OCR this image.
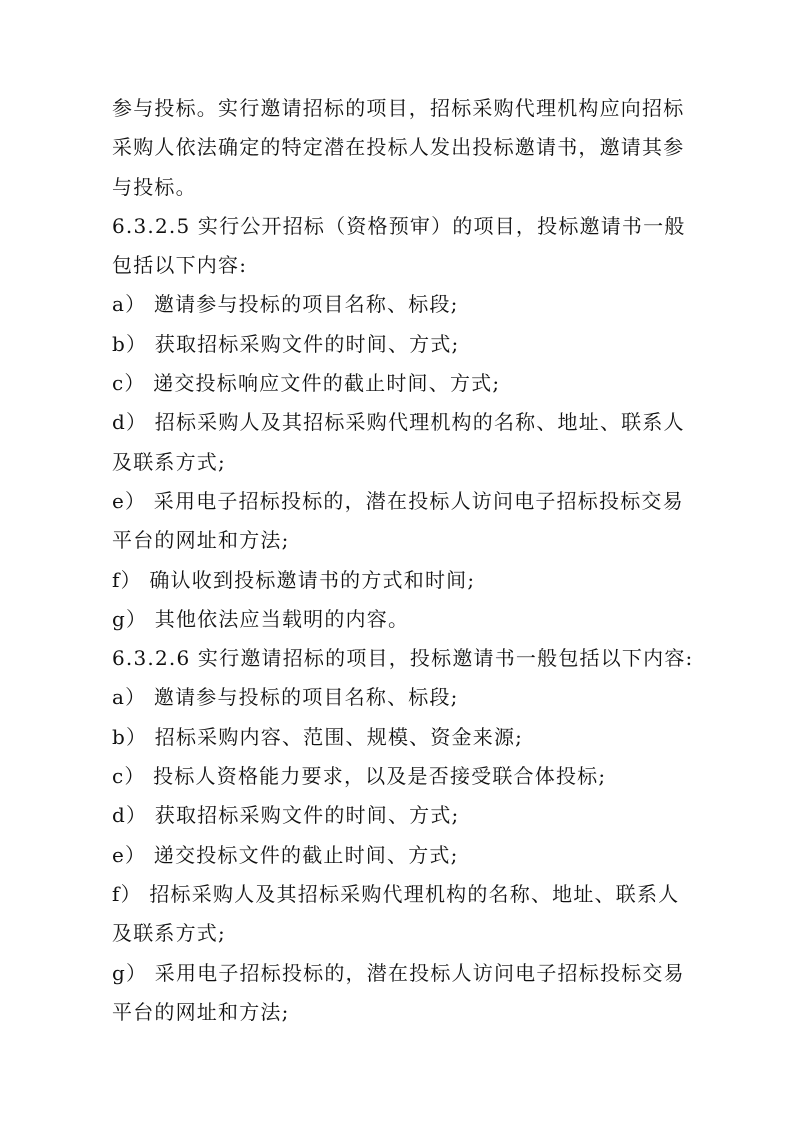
参与投标。实行邀请招标的项目，招标采购代理机构应向招标
采购人依法确定的特定潜在投标人发出投标邀请书，邀请其参
与投标。
6.3.2.5 实行公开招标（资格预审）的项目，投标邀请书一般
包括以下内容:
a） 邀请参与投标的项目名称、标段;
b） 获取招标采购文件的时间、方式;
c） 递交投标响应文件的截止时间、方式;
d） 招标采购人及其招标采购代理机构的名称、地址、联系人
及联系方式;
e） 采用电子招标投标的，潜在投标人访问电子招标投标交易
平台的网址和方法;
f） 确认收到投标邀请书的方式和时间;
g） 其他依法应当载明的内容。
6.3.2.6 实行邀请招标的项目，投标邀请书一般包括以下内容:
a） 邀请参与投标的项目名称、标段;
b） 招标采购内容、范围、规模、资金来源;
c） 投标人资格能力要求，以及是否接受联合体投标;
d） 获取招标采购文件的时间、方式;
e） 递交投标文件的截止时间、方式;
f） 招标采购人及其招标采购代理机构的名称、地址、联系人
及联系方式;
g） 采用电子招标投标的，潜在投标人访问电子招标投标交易
平台的网址和方法;
